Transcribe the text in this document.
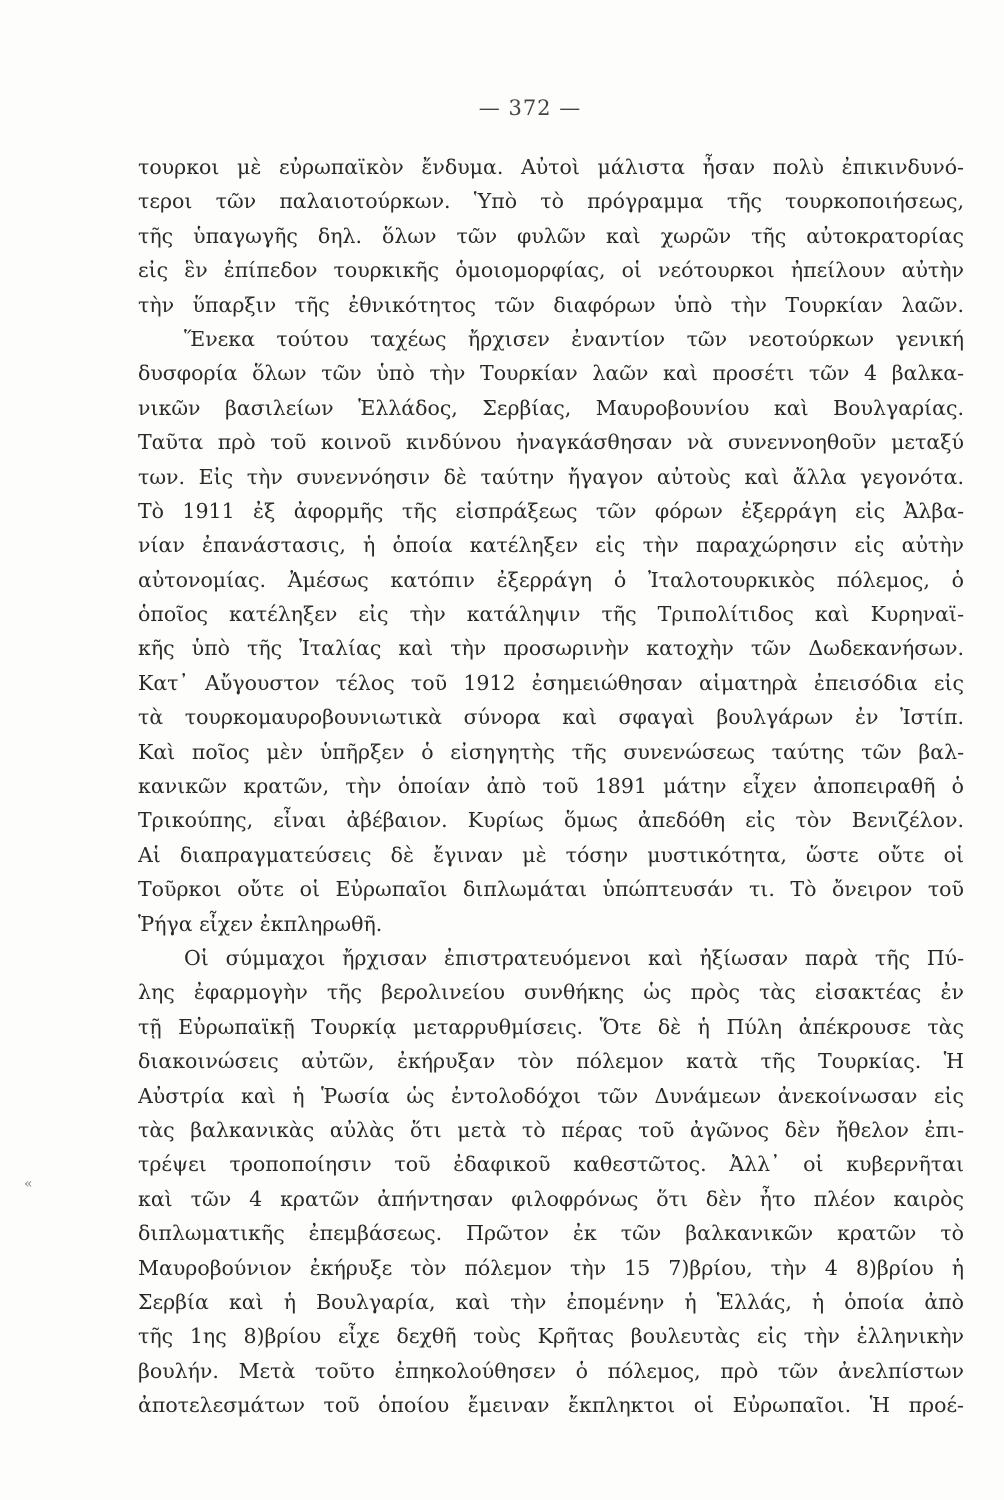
— 372 —
τουρκοι μὲ εὐρωπαϊκὸν ἔνδυμα. Αὐτοὶ μάλιστα ἦσαν πολὺ ἐπικινδυνό-
τεροι τῶν παλαιοτούρκων. Ὑπὸ τὸ πρόγραμμα τῆς τουρκοποιήσεως,
τῆς ὑπαγωγῆς δηλ. ὅλων τῶν φυλῶν καὶ χωρῶν τῆς αὐτοκρατορίας
εἰς ἓν ἐπίπεδον τουρκικῆς ὁμοιομορφίας, οἱ νεότουρκοι ἠπείλουν αὐτὴν
τὴν ὕπαρξιν τῆς ἐθνικότητος τῶν διαφόρων ὑπὸ τὴν Τουρκίαν λαῶν.
Ἕνεκα τούτου ταχέως ἤρχισεν ἐναντίον τῶν νεοτούρκων γενική
δυσφορία ὅλων τῶν ὑπὸ τὴν Τουρκίαν λαῶν καὶ προσέτι τῶν 4 βαλκα-
νικῶν βασιλείων Ἑλλάδος, Σερβίας, Μαυροβουνίου καὶ Βουλγαρίας.
Ταῦτα πρὸ τοῦ κοινοῦ κινδύνου ἠναγκάσθησαν νὰ συνεννοηθοῦν μεταξύ
των. Εἰς τὴν συνεννόησιν δὲ ταύτην ἤγαγον αὐτοὺς καὶ ἄλλα γεγονότα.
Τὸ 1911 ἐξ ἀφορμῆς τῆς εἰσπράξεως τῶν φόρων ἐξερράγη εἰς Ἀλβα-
νίαν ἐπανάστασις, ἡ ὁποία κατέληξεν εἰς τὴν παραχώρησιν εἰς αὐτὴν
αὐτονομίας. Ἀμέσως κατόπιν ἐξερράγη ὁ Ἰταλοτουρκικὸς πόλεμος, ὁ
ὁποῖος κατέληξεν εἰς τὴν κατάληψιν τῆς Τριπολίτιδος καὶ Κυρηναϊ-
κῆς ὑπὸ τῆς Ἰταλίας καὶ τὴν προσωρινὴν κατοχὴν τῶν Δωδεκανήσων.
Κατ᾿ Αὔγουστον τέλος τοῦ 1912 ἐσημειώθησαν αἱματηρὰ ἐπεισόδια εἰς
τὰ τουρκομαυροβουνιωτικὰ σύνορα καὶ σφαγαὶ βουλγάρων ἐν Ἰστίπ.
Καὶ ποῖος μὲν ὑπῆρξεν ὁ εἰσηγητὴς τῆς συνενώσεως ταύτης τῶν βαλ-
κανικῶν κρατῶν, τὴν ὁποίαν ἀπὸ τοῦ 1891 μάτην εἶχεν ἀποπειραθῆ ὁ
Τρικούπης, εἶναι ἀβέβαιον. Κυρίως ὅμως ἀπεδόθη εἰς τὸν Βενιζέλον.
Αἱ διαπραγματεύσεις δὲ ἔγιναν μὲ τόσην μυστικότητα, ὥστε οὔτε οἱ
Τοῦρκοι οὔτε οἱ Εὐρωπαῖοι διπλωμάται ὑπώπτευσάν τι. Τὸ ὄνειρον τοῦ
Ῥήγα εἶχεν ἐκπληρωθῆ.
Οἱ σύμμαχοι ἤρχισαν ἐπιστρατευόμενοι καὶ ἠξίωσαν παρὰ τῆς Πύ-
λης ἐφαρμογὴν τῆς βερολινείου συνθήκης ὡς πρὸς τὰς εἰσακτέας ἐν
τῇ Εὐρωπαϊκῇ Τουρκίᾳ μεταρρυθμίσεις. Ὅτε δὲ ἡ Πύλη ἀπέκρουσε τὰς
διακοινώσεις αὐτῶν, ἐκήρυξαν τὸν πόλεμον κατὰ τῆς Τουρκίας. Ἡ
Αὐστρία καὶ ἡ Ῥωσία ὡς ἐντολοδόχοι τῶν Δυνάμεων ἀνεκοίνωσαν εἰς
τὰς βαλκανικὰς αὐλὰς ὅτι μετὰ τὸ πέρας τοῦ ἀγῶνος δὲν ἤθελον ἐπι-
τρέψει τροποποίησιν τοῦ ἐδαφικοῦ καθεστῶτος. Ἀλλ᾿ οἱ κυβερνῆται
καὶ τῶν 4 κρατῶν ἀπήντησαν φιλοφρόνως ὅτι δὲν ἦτο πλέον καιρὸς
διπλωματικῆς ἐπεμβάσεως. Πρῶτον ἐκ τῶν βαλκανικῶν κρατῶν τὸ
Μαυροβούνιον ἐκήρυξε τὸν πόλεμον τὴν 15 7)βρίου, τὴν 4 8)βρίου ἡ
Σερβία καὶ ἡ Βουλγαρία, καὶ τὴν ἐπομένην ἡ Ἑλλάς, ἡ ὁποία ἀπὸ
τῆς 1ης 8)βρίου εἶχε δεχθῆ τοὺς Κρῆτας βουλευτὰς εἰς τὴν ἑλληνικὴν
βουλήν. Μετὰ τοῦτο ἐπηκολούθησεν ὁ πόλεμος, πρὸ τῶν ἀνελπίστων
ἀποτελεσμάτων τοῦ ὁποίου ἔμειναν ἔκπληκτοι οἱ Εὐρωπαῖοι. Ἡ προέ-
«
